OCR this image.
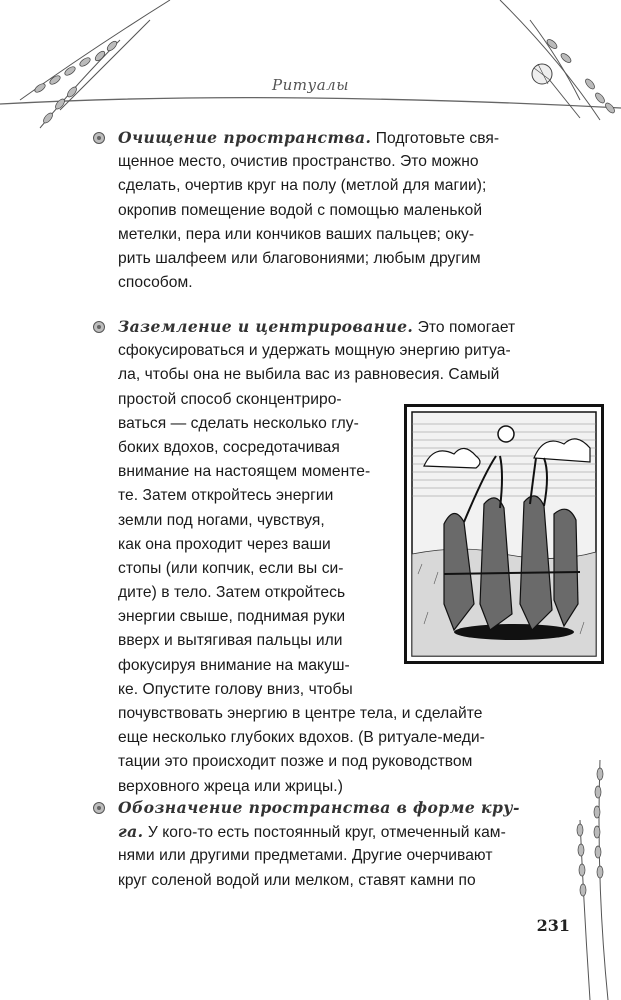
Ритуалы
Очищение пространства. Подготовьте свя-
щенное место, очистив пространство. Это можно
сделать, очертив круг на полу (метлой для магии);
окропив помещение водой с помощью маленькой
метелки, пера или кончиков ваших пальцев; оку-
рить шалфеем или благовониями; любым другим
способом.
Заземление и центрирование. Это помогает
сфокусироваться и удержать мощную энергию ритуа-
ла, чтобы она не выбила вас из равновесия. Самый
простой способ сконцентриро-
ваться — сделать несколько глу-
боких вдохов, сосредотачивая
внимание на настоящем моменте-
те. Затем откройтесь энергии
земли под ногами, чувствуя,
как она проходит через ваши
стопы (или копчик, если вы си-
дите) в тело. Затем откройтесь
энергии свыше, поднимая руки
вверх и вытягивая пальцы или
фокусируя внимание на макуш-
ке. Опустите голову вниз, чтобы
почувствовать энергию в центре тела, и сделайте
еще несколько глубоких вдохов. (В ритуале-меди-
тации это происходит позже и под руководством
верховного жреца или жрицы.)
Обозначение пространства в форме кру-
га. У кого-то есть постоянный круг, отмеченный кам-
нями или другими предметами. Другие очерчивают
круг соленой водой или мелком, ставят камни по
231
